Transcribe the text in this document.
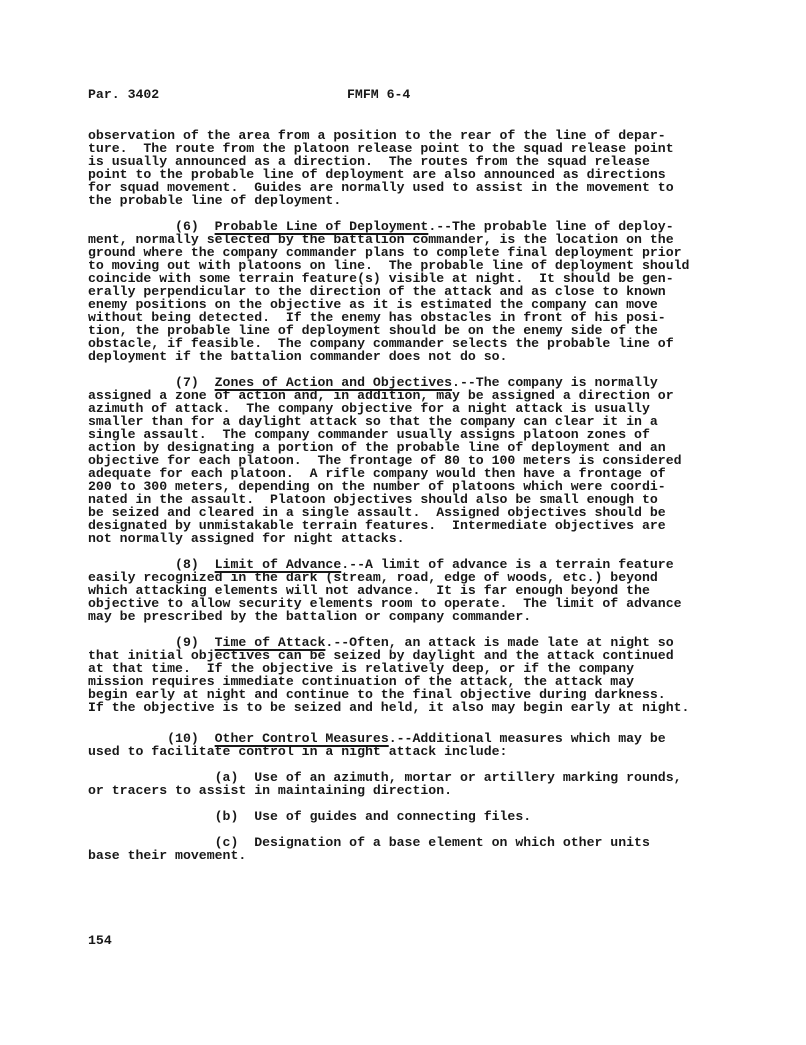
Par. 3402	FMFM 6-4
observation of the area from a position to the rear of the line of depar-
ture.  The route from the platoon release point to the squad release point
is usually announced as a direction.  The routes from the squad release
point to the probable line of deployment are also announced as directions
for squad movement.  Guides are normally used to assist in the movement to
the probable line of deployment.
(6)  Probable Line of Deployment.--The probable line of deploy-
ment, normally selected by the battalion commander, is the location on the
ground where the company commander plans to complete final deployment prior
to moving out with platoons on line.  The probable line of deployment should
coincide with some terrain feature(s) visible at night.  It should be gen-
erally perpendicular to the direction of the attack and as close to known
enemy positions on the objective as it is estimated the company can move
without being detected.  If the enemy has obstacles in front of his posi-
tion, the probable line of deployment should be on the enemy side of the
obstacle, if feasible.  The company commander selects the probable line of
deployment if the battalion commander does not do so.
(7)  Zones of Action and Objectives.--The company is normally
assigned a zone of action and, in addition, may be assigned a direction or
azimuth of attack.  The company objective for a night attack is usually
smaller than for a daylight attack so that the company can clear it in a
single assault.  The company commander usually assigns platoon zones of
action by designating a portion of the probable line of deployment and an
objective for each platoon.  The frontage of 80 to 100 meters is considered
adequate for each platoon.  A rifle company would then have a frontage of
200 to 300 meters, depending on the number of platoons which were coordi-
nated in the assault.  Platoon objectives should also be small enough to
be seized and cleared in a single assault.  Assigned objectives should be
designated by unmistakable terrain features.  Intermediate objectives are
not normally assigned for night attacks.
(8)  Limit of Advance.--A limit of advance is a terrain feature
easily recognized in the dark (stream, road, edge of woods, etc.) beyond
which attacking elements will not advance.  It is far enough beyond the
objective to allow security elements room to operate.  The limit of advance
may be prescribed by the battalion or company commander.
(9)  Time of Attack.--Often, an attack is made late at night so
that initial objectives can be seized by daylight and the attack continued
at that time.  If the objective is relatively deep, or if the company
mission requires immediate continuation of the attack, the attack may
begin early at night and continue to the final objective during darkness.
If the objective is to be seized and held, it also may begin early at night.
(10)  Other Control Measures.--Additional measures which may be
used to facilitate control in a night attack include:
(a)  Use of an azimuth, mortar or artillery marking rounds,
or tracers to assist in maintaining direction.
(b)  Use of guides and connecting files.
(c)  Designation of a base element on which other units
base their movement.
154
